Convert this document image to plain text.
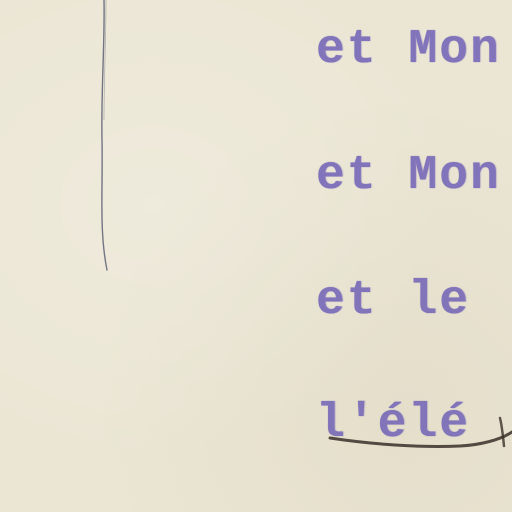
et Mon

et Mon

et le

l'élé
